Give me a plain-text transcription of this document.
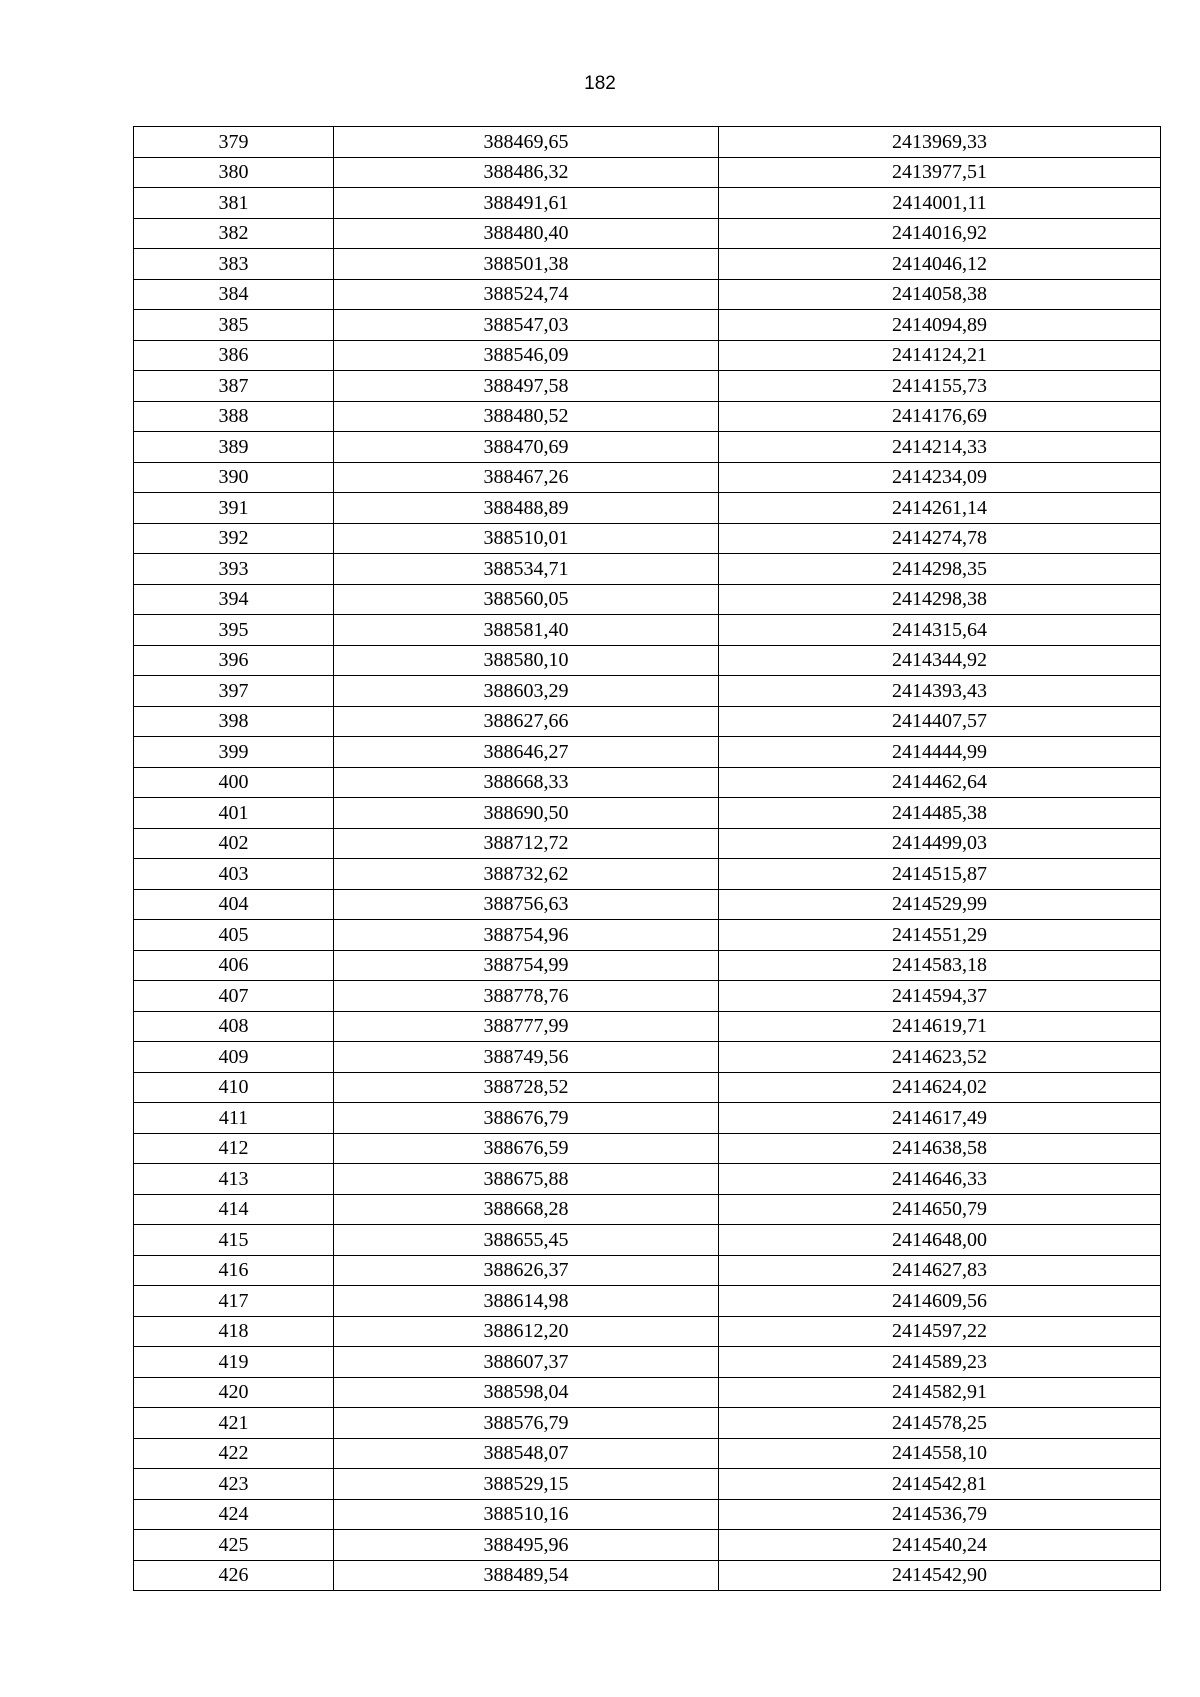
182
379	388469,65	2413969,33
380	388486,32	2413977,51
381	388491,61	2414001,11
382	388480,40	2414016,92
383	388501,38	2414046,12
384	388524,74	2414058,38
385	388547,03	2414094,89
386	388546,09	2414124,21
387	388497,58	2414155,73
388	388480,52	2414176,69
389	388470,69	2414214,33
390	388467,26	2414234,09
391	388488,89	2414261,14
392	388510,01	2414274,78
393	388534,71	2414298,35
394	388560,05	2414298,38
395	388581,40	2414315,64
396	388580,10	2414344,92
397	388603,29	2414393,43
398	388627,66	2414407,57
399	388646,27	2414444,99
400	388668,33	2414462,64
401	388690,50	2414485,38
402	388712,72	2414499,03
403	388732,62	2414515,87
404	388756,63	2414529,99
405	388754,96	2414551,29
406	388754,99	2414583,18
407	388778,76	2414594,37
408	388777,99	2414619,71
409	388749,56	2414623,52
410	388728,52	2414624,02
411	388676,79	2414617,49
412	388676,59	2414638,58
413	388675,88	2414646,33
414	388668,28	2414650,79
415	388655,45	2414648,00
416	388626,37	2414627,83
417	388614,98	2414609,56
418	388612,20	2414597,22
419	388607,37	2414589,23
420	388598,04	2414582,91
421	388576,79	2414578,25
422	388548,07	2414558,10
423	388529,15	2414542,81
424	388510,16	2414536,79
425	388495,96	2414540,24
426	388489,54	2414542,90
